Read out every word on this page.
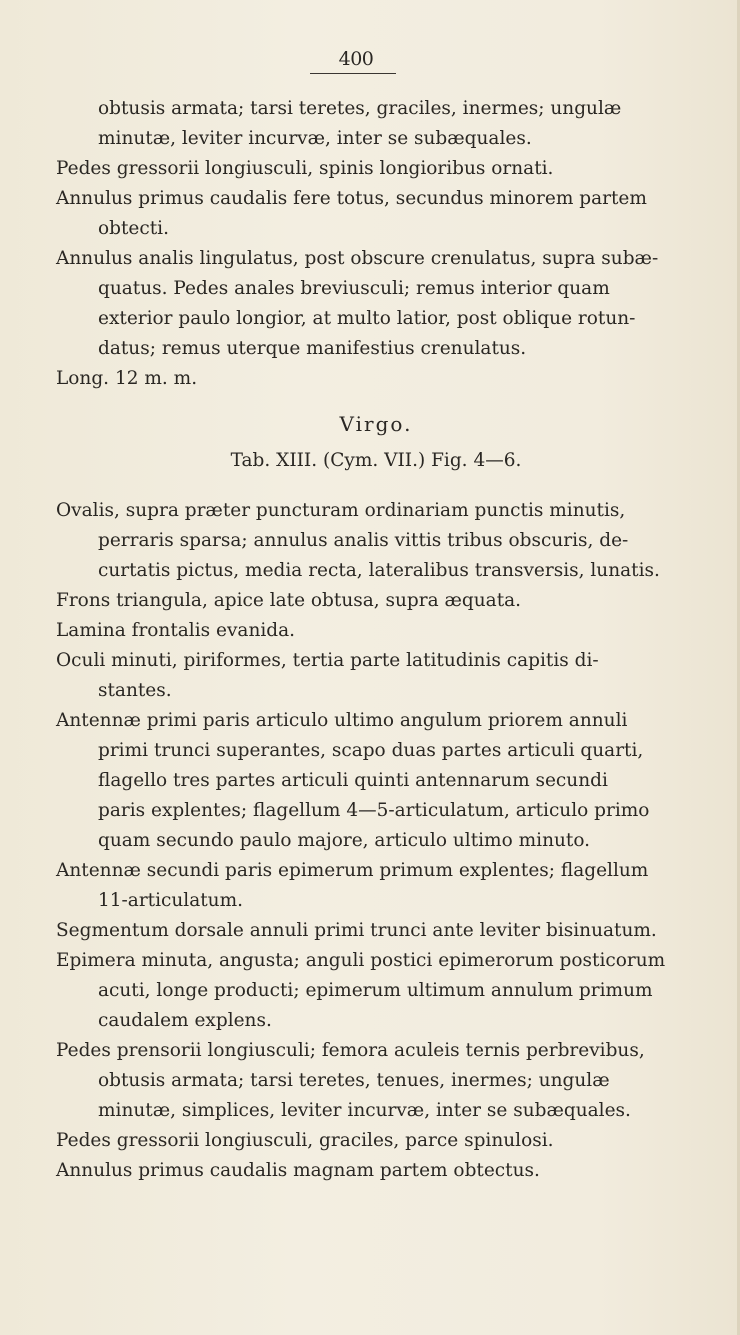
400
obtusis armata; tarsi teretes, graciles, inermes; ungulæ
minutæ, leviter incurvæ, inter se subæquales.
Pedes gressorii longiusculi, spinis longioribus ornati.
Annulus primus caudalis fere totus, secundus minorem partem
obtecti.
Annulus analis lingulatus, post obscure crenulatus, supra subæ-
quatus. Pedes anales breviusculi; remus interior quam
exterior paulo longior, at multo latior, post oblique rotun-
datus; remus uterque manifestius crenulatus.
Long. 12 m. m.
Virgo.
Tab. XIII. (Cym. VII.) Fig. 4—6.
Ovalis, supra præter puncturam ordinariam punctis minutis,
perraris sparsa; annulus analis vittis tribus obscuris, de-
curtatis pictus, media recta, lateralibus transversis, lunatis.
Frons triangula, apice late obtusa, supra æquata.
Lamina frontalis evanida.
Oculi minuti, piriformes, tertia parte latitudinis capitis di-
stantes.
Antennæ primi paris articulo ultimo angulum priorem annuli
primi trunci superantes, scapo duas partes articuli quarti,
flagello tres partes articuli quinti antennarum secundi
paris explentes; flagellum 4—5-articulatum, articulo primo
quam secundo paulo majore, articulo ultimo minuto.
Antennæ secundi paris epimerum primum explentes; flagellum
11-articulatum.
Segmentum dorsale annuli primi trunci ante leviter bisinuatum.
Epimera minuta, angusta; anguli postici epimerorum posticorum
acuti, longe producti; epimerum ultimum annulum primum
caudalem explens.
Pedes prensorii longiusculi; femora aculeis ternis perbrevibus,
obtusis armata; tarsi teretes, tenues, inermes; ungulæ
minutæ, simplices, leviter incurvæ, inter se subæquales.
Pedes gressorii longiusculi, graciles, parce spinulosi.
Annulus primus caudalis magnam partem obtectus.
